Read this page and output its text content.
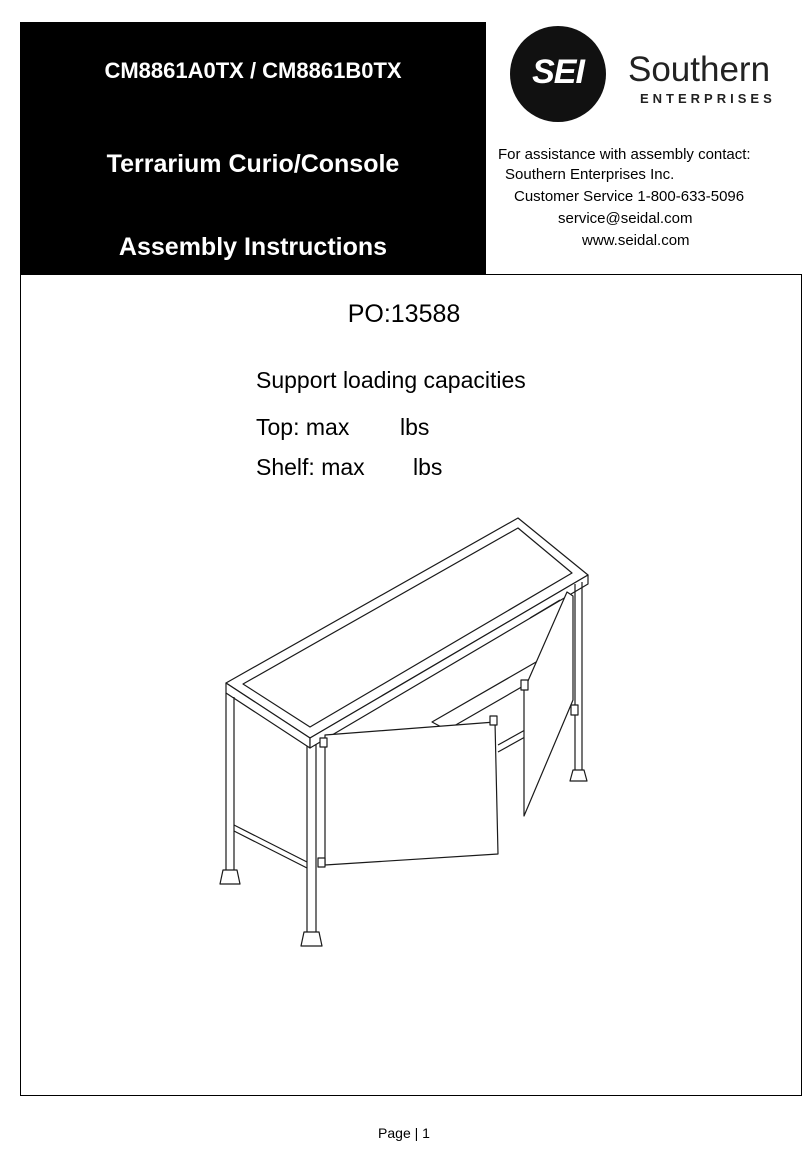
CM8861A0TX / CM8861B0TX
Terrarium Curio/Console
Assembly Instructions
SEI	Southern
ENTERPRISES
For assistance with assembly contact:
Southern Enterprises Inc.
Customer Service 1-800-633-5096
service@seidal.com
www.seidal.com
PO:13588
Support loading capacities
Top: max lbs
Shelf: max lbs
Page | 1
